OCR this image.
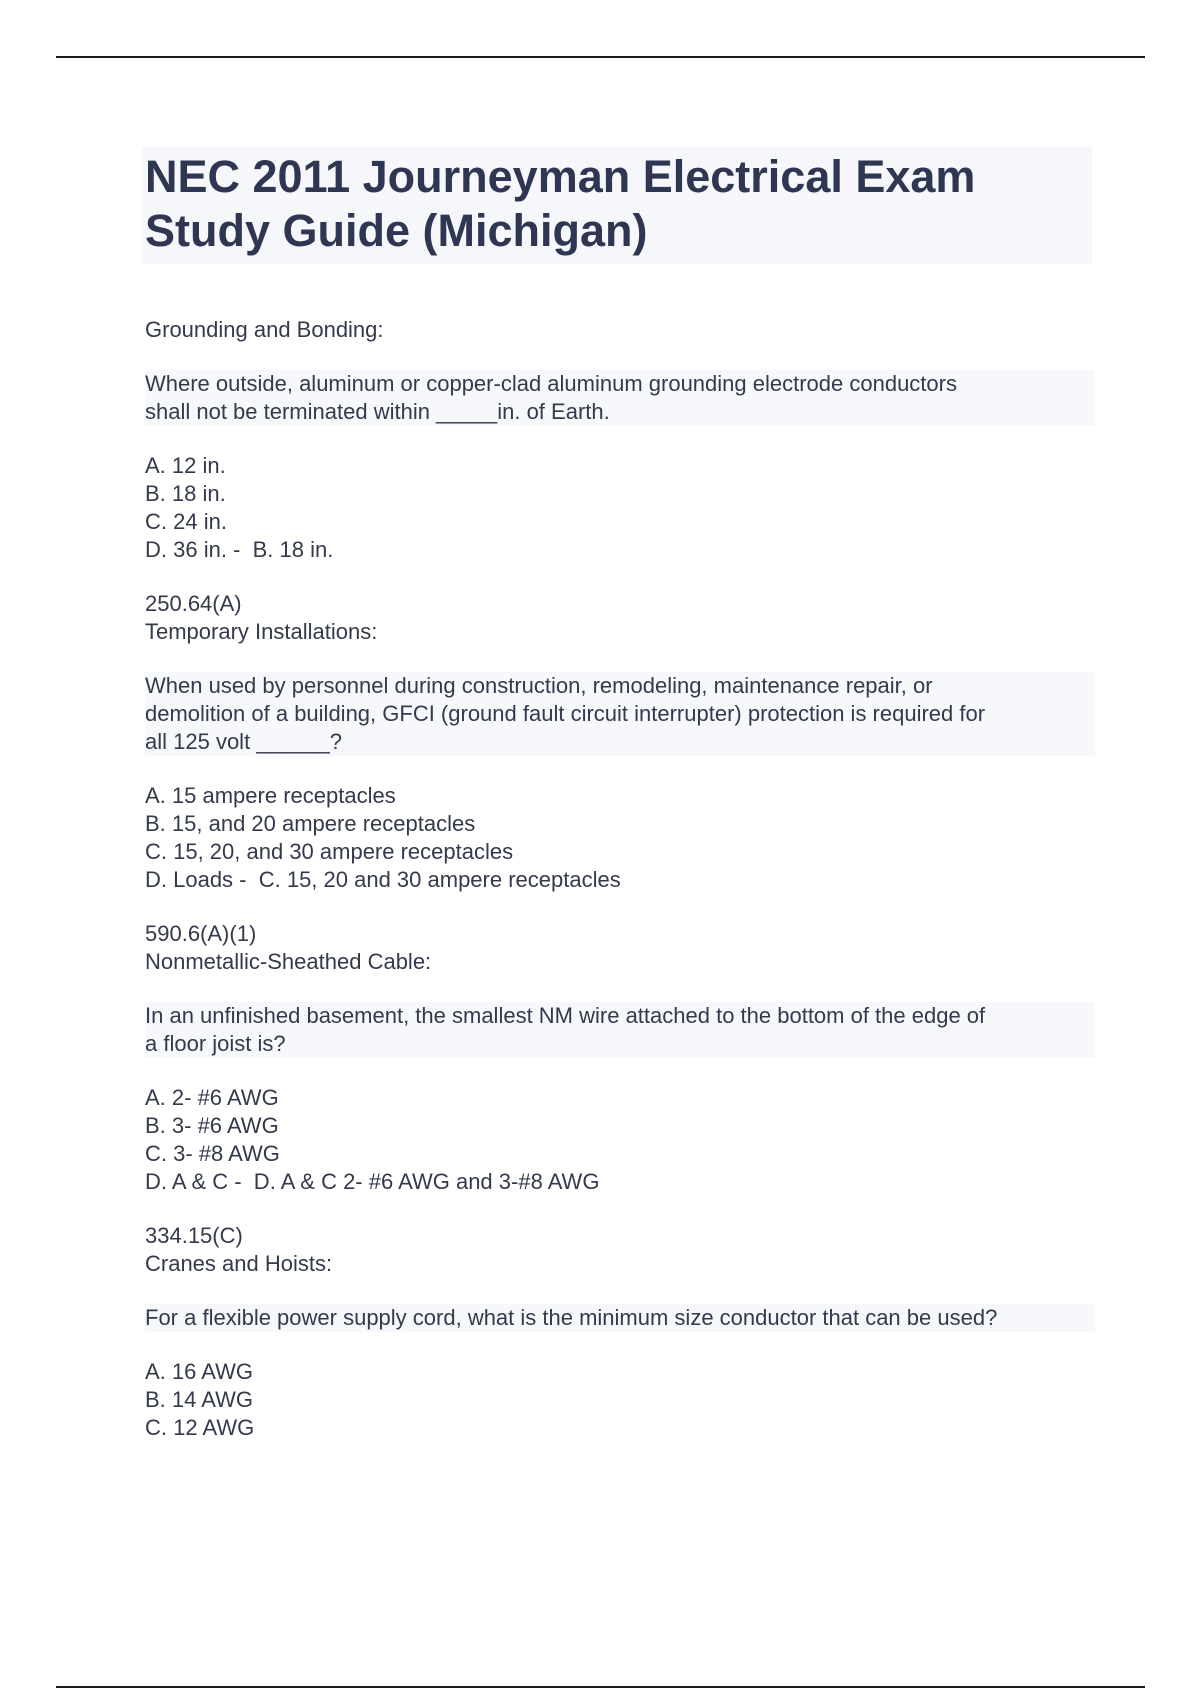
NEC 2011 Journeyman Electrical Exam
Study Guide (Michigan)

Grounding and Bonding:

Where outside, aluminum or copper-clad aluminum grounding electrode conductors
shall not be terminated within _____in. of Earth.

A. 12 in.
B. 18 in.
C. 24 in.
D. 36 in. -  B. 18 in.

250.64(A)
Temporary Installations:

When used by personnel during construction, remodeling, maintenance repair, or
demolition of a building, GFCI (ground fault circuit interrupter) protection is required for
all 125 volt ______?

A. 15 ampere receptacles
B. 15, and 20 ampere receptacles
C. 15, 20, and 30 ampere receptacles
D. Loads -  C. 15, 20 and 30 ampere receptacles

590.6(A)(1)
Nonmetallic-Sheathed Cable:

In an unfinished basement, the smallest NM wire attached to the bottom of the edge of
a floor joist is?

A. 2- #6 AWG
B. 3- #6 AWG
C. 3- #8 AWG
D. A & C -  D. A & C 2- #6 AWG and 3-#8 AWG

334.15(C)
Cranes and Hoists:

For a flexible power supply cord, what is the minimum size conductor that can be used?

A. 16 AWG
B. 14 AWG
C. 12 AWG
